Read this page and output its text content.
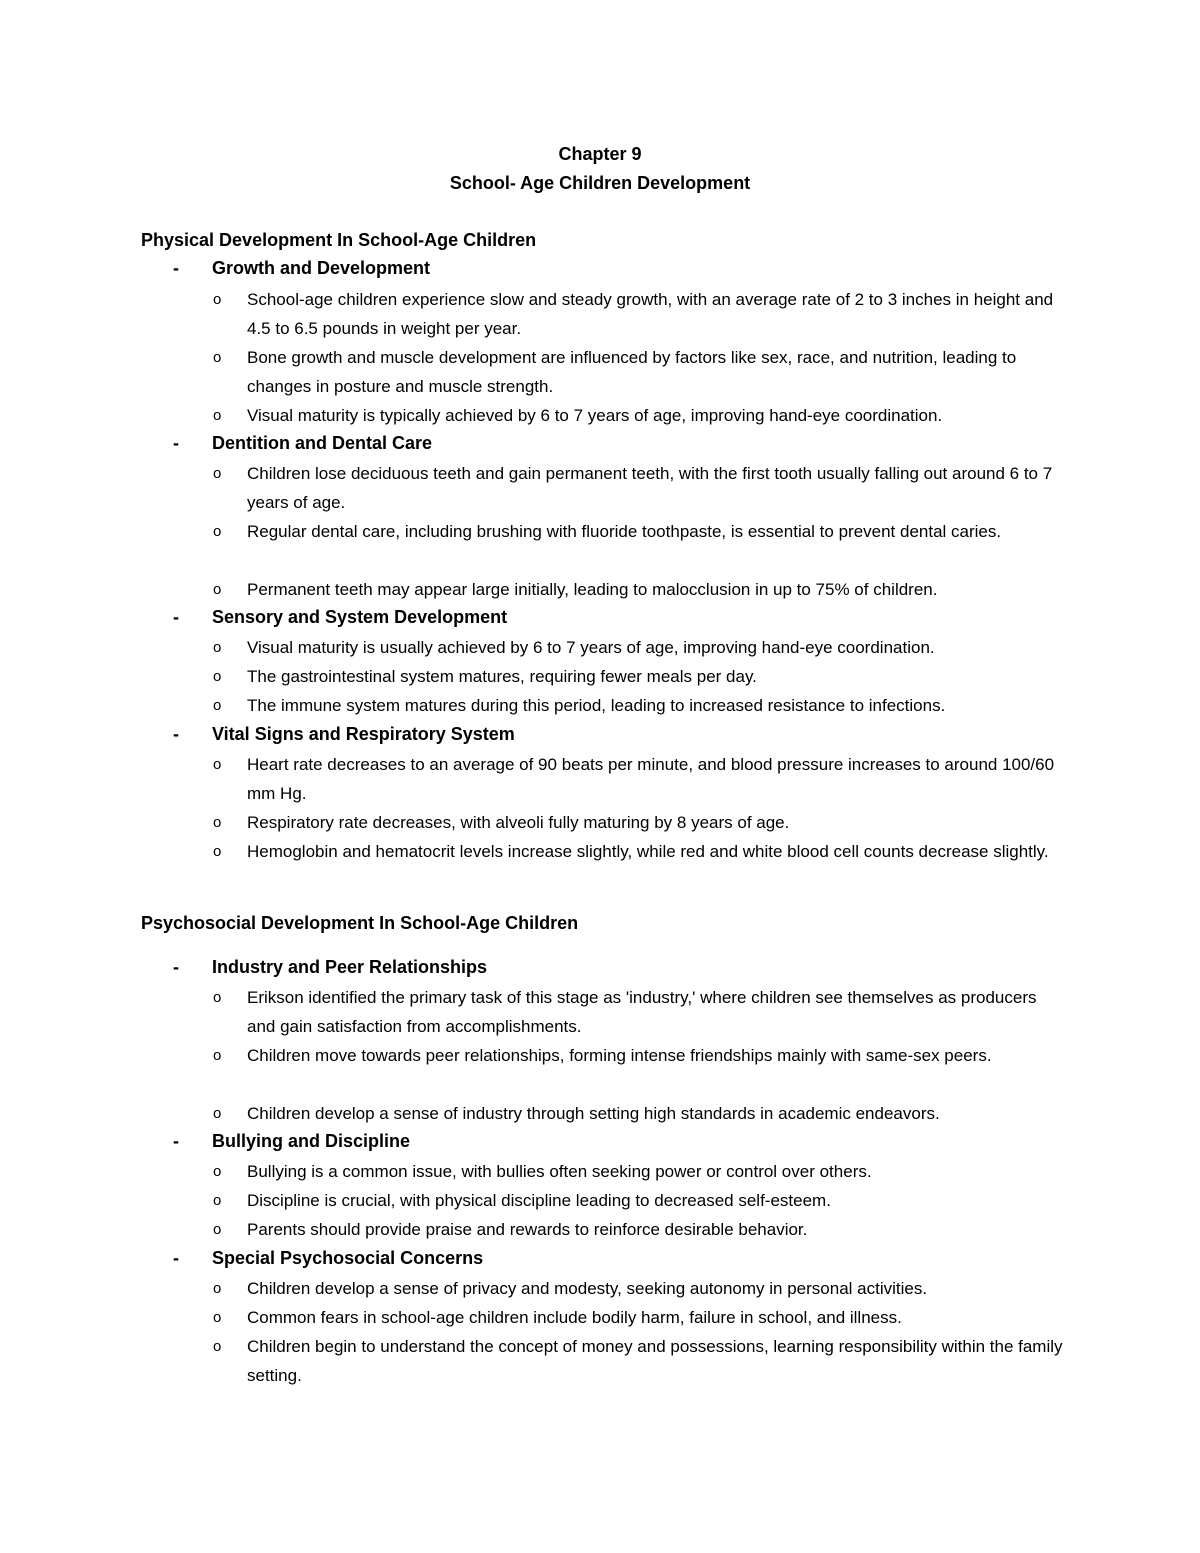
Chapter 9
School- Age Children Development
Physical Development In School-Age Children
- Growth and Development
o School-age children experience slow and steady growth, with an average rate of 2 to 3 inches in height and 4.5 to 6.5 pounds in weight per year.
o Bone growth and muscle development are influenced by factors like sex, race, and nutrition, leading to changes in posture and muscle strength.
o Visual maturity is typically achieved by 6 to 7 years of age, improving hand-eye coordination.
- Dentition and Dental Care
o Children lose deciduous teeth and gain permanent teeth, with the first tooth usually falling out around 6 to 7 years of age.
o Regular dental care, including brushing with fluoride toothpaste, is essential to prevent dental caries.
o Permanent teeth may appear large initially, leading to malocclusion in up to 75% of children.
- Sensory and System Development
o Visual maturity is usually achieved by 6 to 7 years of age, improving hand-eye coordination.
o The gastrointestinal system matures, requiring fewer meals per day.
o The immune system matures during this period, leading to increased resistance to infections.
- Vital Signs and Respiratory System
o Heart rate decreases to an average of 90 beats per minute, and blood pressure increases to around 100/60 mm Hg.
o Respiratory rate decreases, with alveoli fully maturing by 8 years of age.
o Hemoglobin and hematocrit levels increase slightly, while red and white blood cell counts decrease slightly.
Psychosocial Development In School-Age Children
- Industry and Peer Relationships
o Erikson identified the primary task of this stage as 'industry,' where children see themselves as producers and gain satisfaction from accomplishments.
o Children move towards peer relationships, forming intense friendships mainly with same-sex peers.
o Children develop a sense of industry through setting high standards in academic endeavors.
- Bullying and Discipline
o Bullying is a common issue, with bullies often seeking power or control over others.
o Discipline is crucial, with physical discipline leading to decreased self-esteem.
o Parents should provide praise and rewards to reinforce desirable behavior.
- Special Psychosocial Concerns
o Children develop a sense of privacy and modesty, seeking autonomy in personal activities.
o Common fears in school-age children include bodily harm, failure in school, and illness.
o Children begin to understand the concept of money and possessions, learning responsibility within the family setting.
